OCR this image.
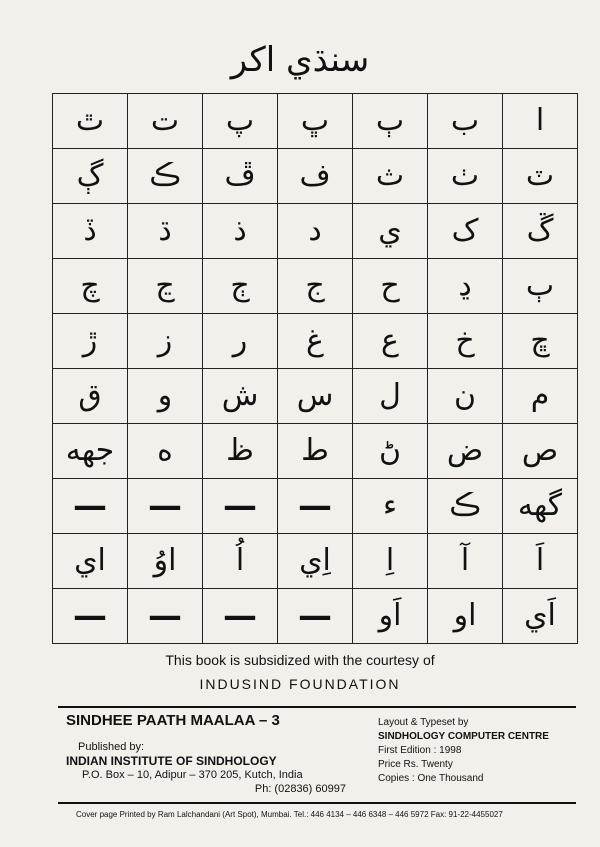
سنڌي اکر
ا	ب	ٻ	ڀ	پ	ت	ٿ
ٽ	ٺ	ث	ف	ڦ	ڪ	ڳ
ڱ	ک	ي	د	ذ	ڌ	ڏ
ٻ	ڍ	ح	ج	ڄ	ڃ	چ
ڇ	خ	ع	غ	ر	ز	ڙ
م	ن	ل	س	ش	و	ق
ص	ض	ڻ	ط	ظ	ه	جهه
گهه	ڪ	ء	—	—	—	—
اَ	آ	اِ	اِي	اُ	اوُ	اي
اَي	او	اَو	—	—	—	—
This book is subsidized with the courtesy of
INDUSIND FOUNDATION
SINDHEE PAATH MAALAA – 3
Published by:
INDIAN INSTITUTE OF SINDHOLOGY
P.O. Box – 10, Adipur – 370 205, Kutch, India
Ph: (02836) 60997
Layout & Typeset by
SINDHOLOGY COMPUTER CENTRE
First Edition : 1998
Price Rs. Twenty
Copies : One Thousand
Cover page Printed by Ram Lalchandani (Art Spot), Mumbai. Tel.: 446 4134 – 446 6348 – 446 5972 Fax: 91-22-4455027
